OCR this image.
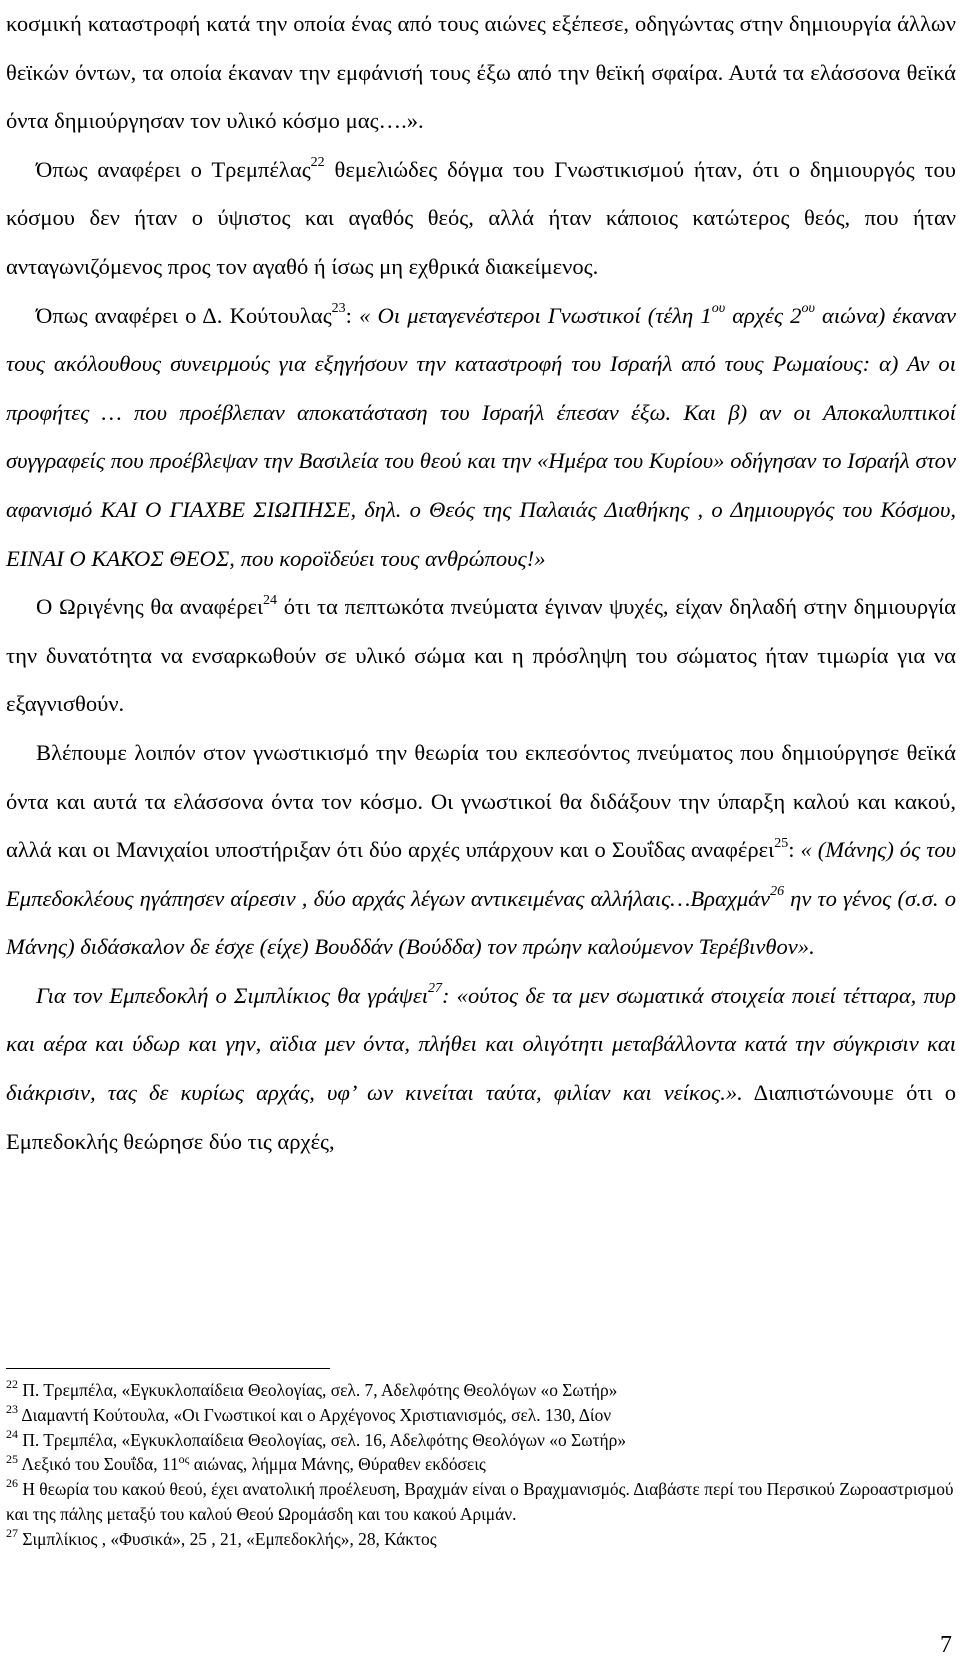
κοσμική καταστροφή κατά την οποία ένας από τους αιώνες εξέπεσε, οδηγώντας στην δημιουργία άλλων θεϊκών όντων, τα οποία έκαναν την εμφάνισή τους έξω από την θεϊκή σφαίρα. Αυτά τα ελάσσονα θεϊκά όντα δημιούργησαν τον υλικό κόσμο μας….».

Όπως αναφέρει ο Τρεμπέλας$^{22}$ θεμελιώδες δόγμα του Γνωστικισμού ήταν, ότι ο δημιουργός του κόσμου δεν ήταν ο ύψιστος και αγαθός θεός, αλλά ήταν κάποιος κατώτερος θεός, που ήταν ανταγωνιζόμενος προς τον αγαθό ή ίσως μη εχθρικά διακείμενος.

Όπως αναφέρει ο Δ. Κούτουλας$^{23}$: « Οι μεταγενέστεροι Γνωστικοί (τέλη $1^{o\upsilon}$ αρχές $2^{o\upsilon}$ αιώνα) έκαναν τους ακόλουθους συνειρμούς για εξηγήσουν την καταστροφή του Ισραήλ από τους Ρωμαίους: α) Αν οι προφήτες … που προέβλεπαν αποκατάσταση του Ισραήλ έπεσαν έξω. Και β) αν οι Αποκαλυπτικοί συγγραφείς που προέβλεψαν την Βασιλεία του θεού και την «Ημέρα του Κυρίου» οδήγησαν το Ισραήλ στον αφανισμό ΚΑΙ Ο ΓΙΑΧΒΕ ΣΙΩΠΗΣΕ, δηλ. ο Θεός της Παλαιάς Διαθήκης , ο Δημιουργός του Κόσμου, ΕΙΝΑΙ Ο ΚΑΚΟΣ ΘΕΟΣ, που κοροϊδεύει τους ανθρώπους!»

Ο Ωριγένης θα αναφέρει$^{24}$ ότι τα πεπτωκότα πνεύματα έγιναν ψυχές, είχαν δηλαδή στην δημιουργία την δυνατότητα να ενσαρκωθούν σε υλικό σώμα και η πρόσληψη του σώματος ήταν τιμωρία για να εξαγνισθούν.

Βλέπουμε λοιπόν στον γνωστικισμό την θεωρία του εκπεσόντος πνεύματος που δημιούργησε θεϊκά όντα και αυτά τα ελάσσονα όντα τον κόσμο. Οι γνωστικοί θα διδάξουν την ύπαρξη καλού και κακού, αλλά και οι Μανιχαίοι υποστήριξαν ότι δύο αρχές υπάρχουν και ο Σουΐδας αναφέρει$^{25}$: « (Μάνης) ός του Εμπεδοκλέους ηγάπησεν αίρεσιν , δύο αρχάς λέγων αντικειμένας αλλήλαις…Βραχμάν$^{26}$ ην το γένος (σ.σ. ο Μάνης) διδάσκαλον δε έσχε (είχε) Βουδδάν (Βούδδα) τον πρώην καλούμενον Τερέβινθον».

Για τον Εμπεδοκλή ο Σιμπλίκιος θα γράψει$^{27}$: «ούτος δε τα μεν σωματικά στοιχεία ποιεί τέτταρα, πυρ και αέρα και ύδωρ και γην, αϊδια μεν όντα, πλήθει και ολιγότητι μεταβάλλοντα κατά την σύγκρισιν και διάκρισιν, τας δε κυρίως αρχάς, υφ’ ων κινείται ταύτα, φιλίαν και νείκος.». Διαπιστώνουμε ότι ο Εμπεδοκλής θεώρησε δύο τις αρχές,

$^{22}$ Π. Τρεμπέλα, «Εγκυκλοπαίδεια Θεολογίας, σελ. 7, Αδελφότης Θεολόγων «ο Σωτήρ»

$^{23}$ Διαμαντή Κούτουλα, «Οι Γνωστικοί και ο Αρχέγονος Χριστιανισμός, σελ. 130, Δίον

$^{24}$ Π. Τρεμπέλα, «Εγκυκλοπαίδεια Θεολογίας, σελ. 16, Αδελφότης Θεολόγων «ο Σωτήρ»

$^{25}$ Λεξικό του Σουΐδα, $11^{o\varsigma}$ αιώνας, λήμμα Μάνης, Θύραθεν εκδόσεις

$^{26}$ Η θεωρία του κακού θεού, έχει ανατολική προέλευση, Βραχμάν είναι ο Βραχμανισμός. Διαβάστε περί του Περσικού Ζωροαστρισμού και της πάλης μεταξύ του καλού Θεού Ωρομάσδη και του κακού Αριμάν.

$^{27}$ Σιμπλίκιος , «Φυσικά», 25 , 21, «Εμπεδοκλής», 28, Κάκτος

7
